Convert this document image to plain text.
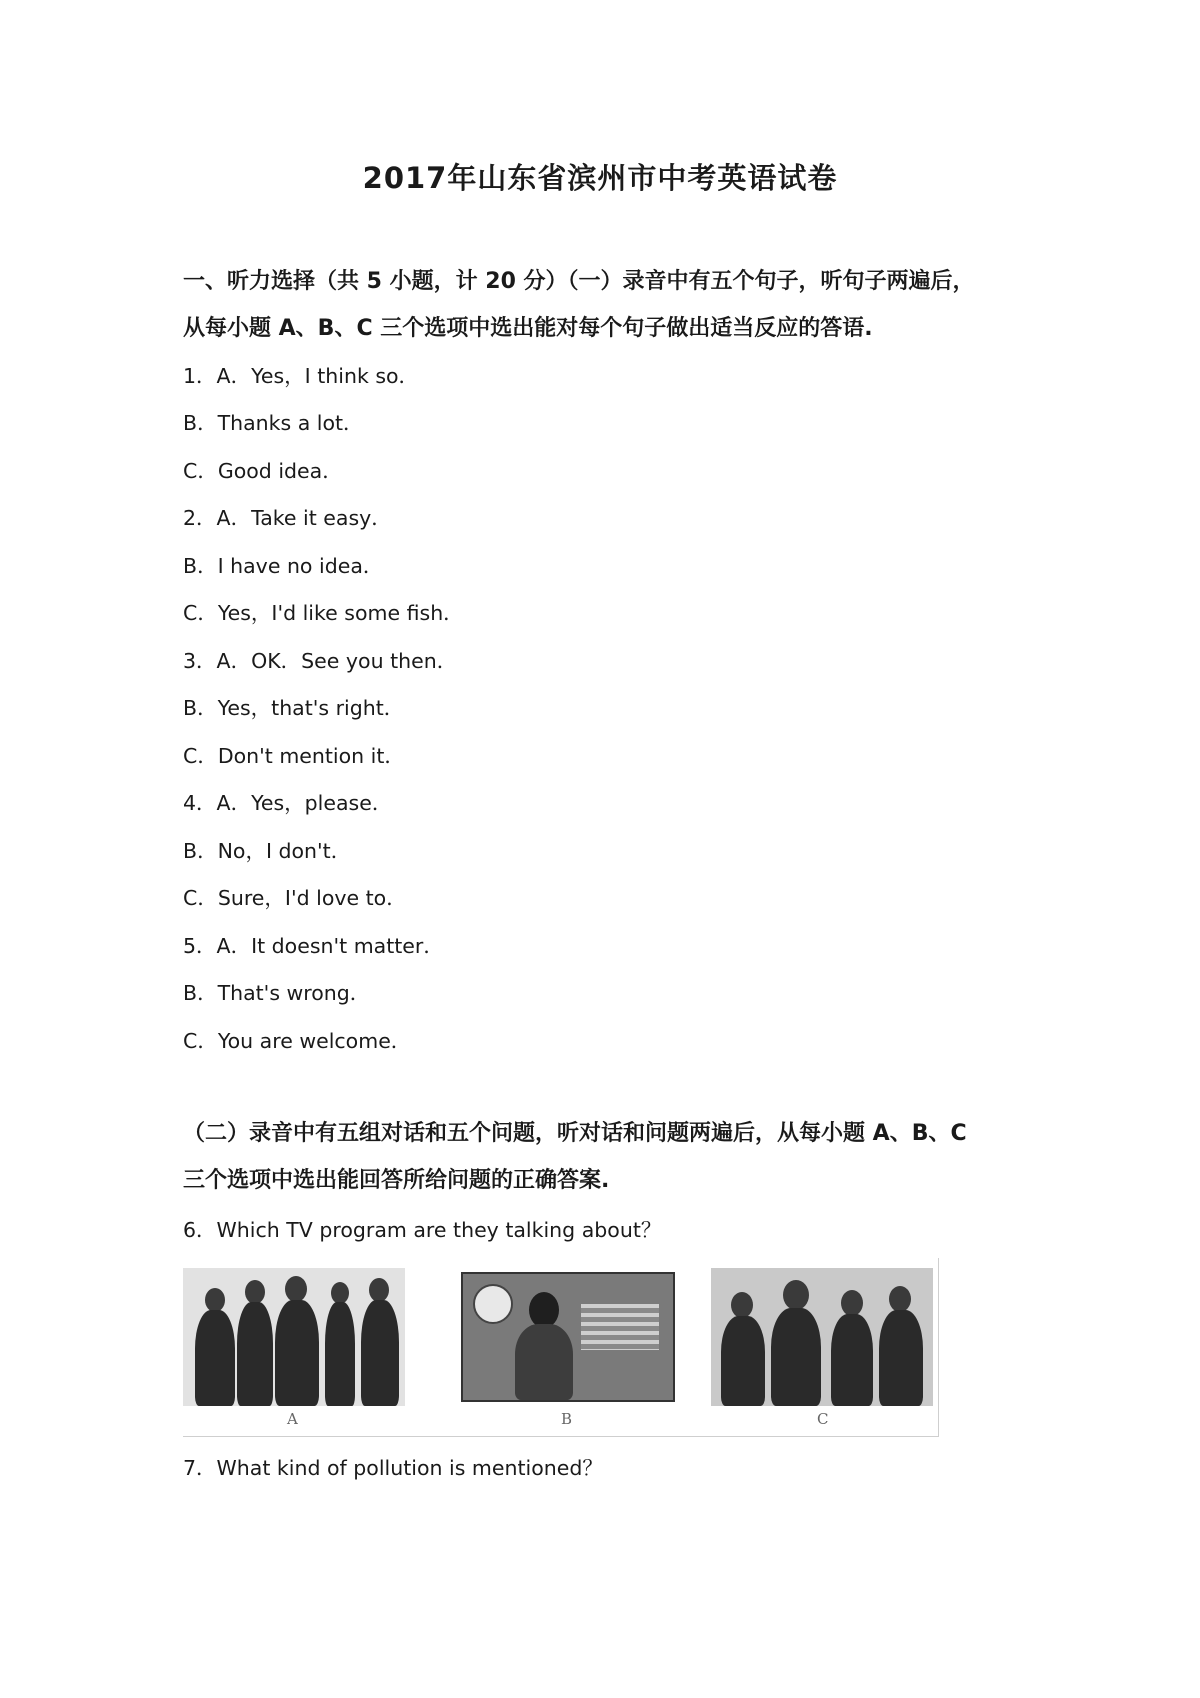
2017年山东省滨州市中考英语试卷
一、听力选择（共 5 小题，计 20 分）（一）录音中有五个句子，听句子两遍后，
从每小题 A、B、C 三个选项中选出能对每个句子做出适当反应的答语.
1．A．Yes，I think so．
B．Thanks a lot．
C．Good idea．
2．A．Take it easy．
B．I have no idea．
C．Yes，I'd like some fish．
3．A．OK．See you then．
B．Yes，that's right．
C．Don't mention it．
4．A．Yes，please．
B．No，I don't．
C．Sure，I'd love to．
5．A．It doesn't matter．
B．That's wrong．
C．You are welcome．
（二）录音中有五组对话和五个问题，听对话和问题两遍后，从每小题 A、B、C
三个选项中选出能回答所给问题的正确答案.
6．Which TV program are they talking about？
A	B	C
7．What kind of pollution is mentioned？
